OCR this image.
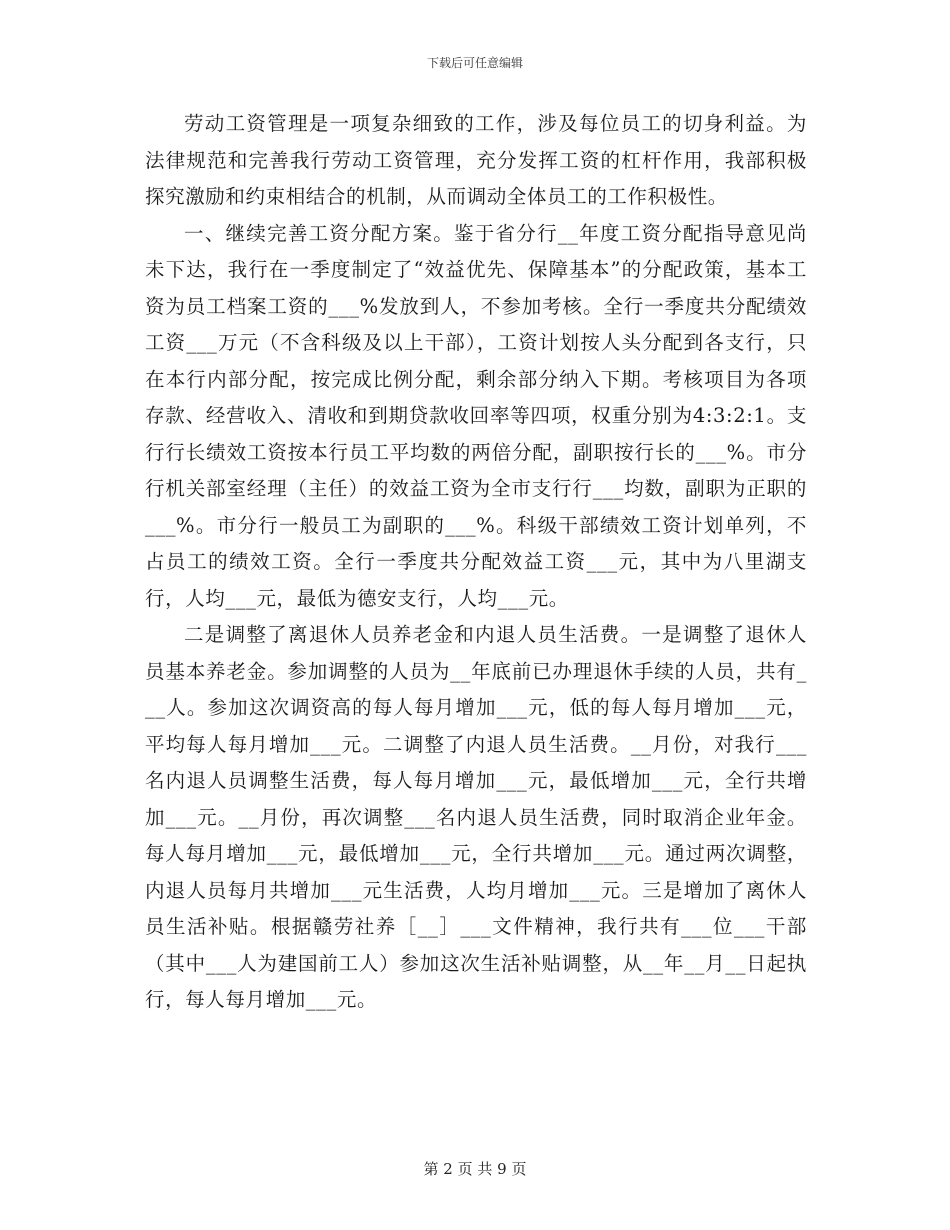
下载后可任意编辑

劳动工资管理是一项复杂细致的工作，涉及每位员工的切身利益。为法律规范和完善我行劳动工资管理，充分发挥工资的杠杆作用，我部积极探究激励和约束相结合的机制，从而调动全体员工的工作积极性。

一、继续完善工资分配方案。鉴于省分行__年度工资分配指导意见尚未下达，我行在一季度制定了“效益优先、保障基本”的分配政策，基本工资为员工档案工资的___%发放到人，不参加考核。全行一季度共分配绩效工资___万元（不含科级及以上干部），工资计划按人头分配到各支行，只在本行内部分配，按完成比例分配，剩余部分纳入下期。考核项目为各项存款、经营收入、清收和到期贷款收回率等四项，权重分别为4:3:2:1。支行行长绩效工资按本行员工平均数的两倍分配，副职按行长的___%。市分行机关部室经理（主任）的效益工资为全市支行行___均数，副职为正职的___%。市分行一般员工为副职的___%。科级干部绩效工资计划单列，不占员工的绩效工资。全行一季度共分配效益工资___元，其中为八里湖支行，人均___元，最低为德安支行，人均___元。

二是调整了离退休人员养老金和内退人员生活费。一是调整了退休人员基本养老金。参加调整的人员为__年底前已办理退休手续的人员，共有___人。参加这次调资高的每人每月增加___元，低的每人每月增加___元，平均每人每月增加___元。二调整了内退人员生活费。__月份，对我行___名内退人员调整生活费，每人每月增加___元，最低增加___元，全行共增加___元。__月份，再次调整___名内退人员生活费，同时取消企业年金。每人每月增加___元，最低增加___元，全行共增加___元。通过两次调整，内退人员每月共增加___元生活费，人均月增加___元。三是增加了离休人员生活补贴。根据赣劳社养［__］___文件精神，我行共有___位___干部（其中___人为建国前工人）参加这次生活补贴调整，从__年__月__日起执行，每人每月增加___元。

第 2 页 共 9 页
